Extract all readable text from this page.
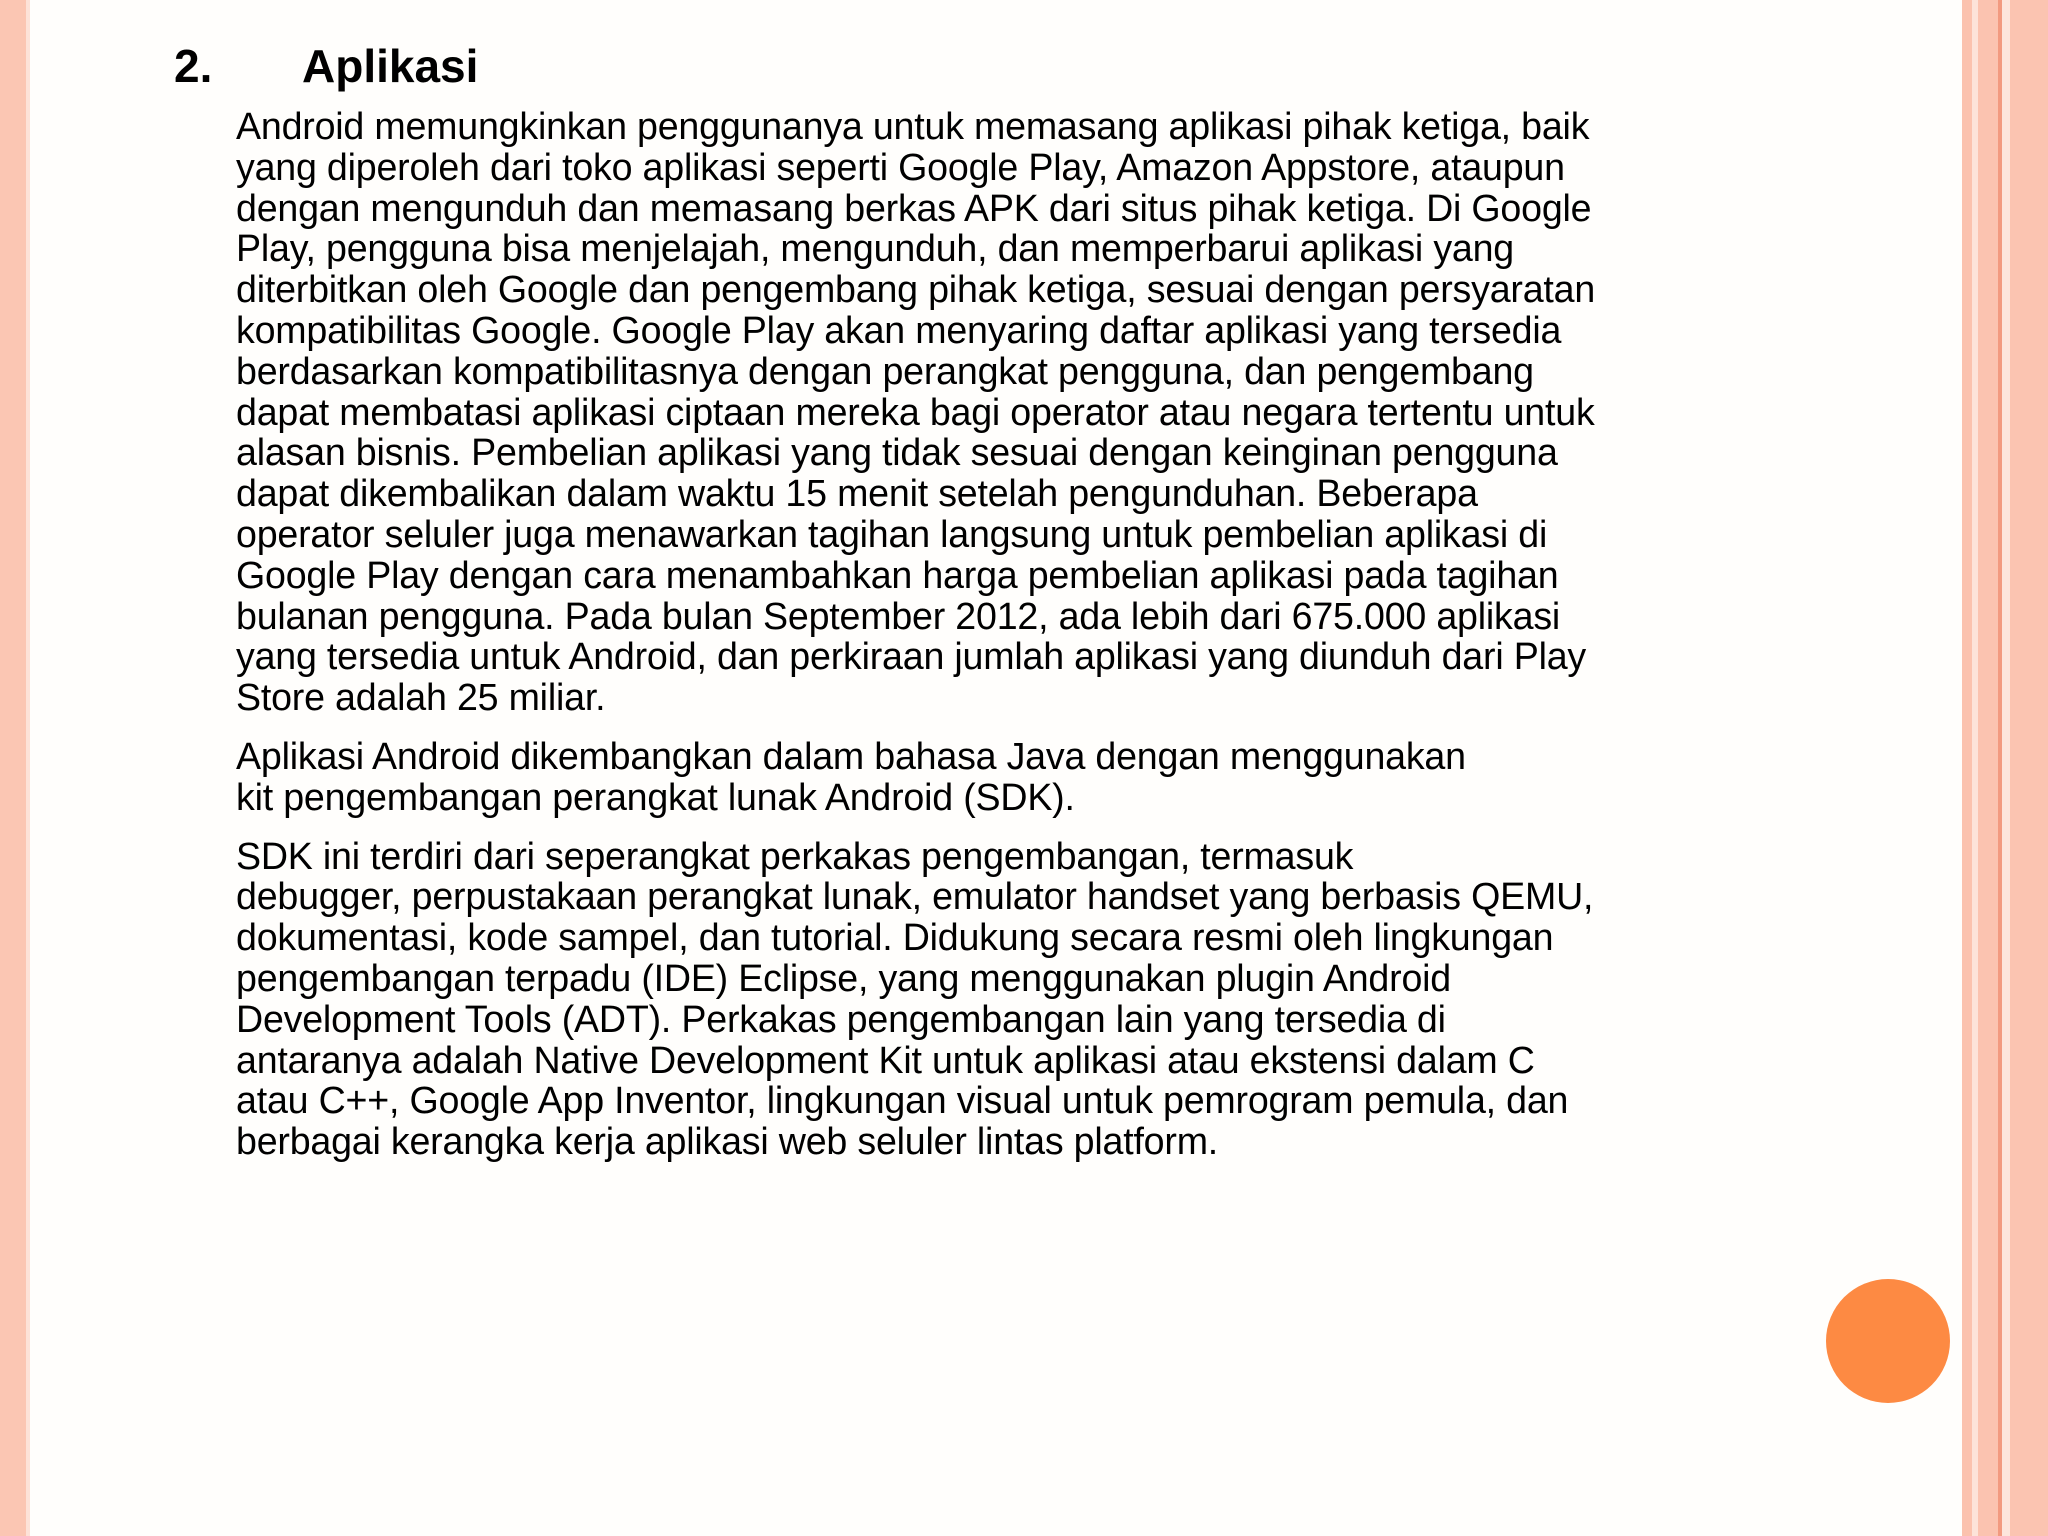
2. Aplikasi
Android memungkinkan penggunanya untuk memasang aplikasi pihak ketiga, baik
yang diperoleh dari toko aplikasi seperti Google Play, Amazon Appstore, ataupun
dengan mengunduh dan memasang berkas APK dari situs pihak ketiga. Di Google
Play, pengguna bisa menjelajah, mengunduh, dan memperbarui aplikasi yang
diterbitkan oleh Google dan pengembang pihak ketiga, sesuai dengan persyaratan
kompatibilitas Google. Google Play akan menyaring daftar aplikasi yang tersedia
berdasarkan kompatibilitasnya dengan perangkat pengguna, dan pengembang
dapat membatasi aplikasi ciptaan mereka bagi operator atau negara tertentu untuk
alasan bisnis. Pembelian aplikasi yang tidak sesuai dengan keinginan pengguna
dapat dikembalikan dalam waktu 15 menit setelah pengunduhan. Beberapa
operator seluler juga menawarkan tagihan langsung untuk pembelian aplikasi di
Google Play dengan cara menambahkan harga pembelian aplikasi pada tagihan
bulanan pengguna. Pada bulan September 2012, ada lebih dari 675.000 aplikasi
yang tersedia untuk Android, dan perkiraan jumlah aplikasi yang diunduh dari Play
Store adalah 25 miliar.
Aplikasi Android dikembangkan dalam bahasa Java dengan menggunakan
kit pengembangan perangkat lunak Android (SDK).
SDK ini terdiri dari seperangkat perkakas pengembangan, termasuk
debugger, perpustakaan perangkat lunak, emulator handset yang berbasis QEMU,
dokumentasi, kode sampel, dan tutorial. Didukung secara resmi oleh lingkungan
pengembangan terpadu (IDE) Eclipse, yang menggunakan plugin Android
Development Tools (ADT). Perkakas pengembangan lain yang tersedia di
antaranya adalah Native Development Kit untuk aplikasi atau ekstensi dalam C
atau C++, Google App Inventor, lingkungan visual untuk pemrogram pemula, dan
berbagai kerangka kerja aplikasi web seluler lintas platform.
